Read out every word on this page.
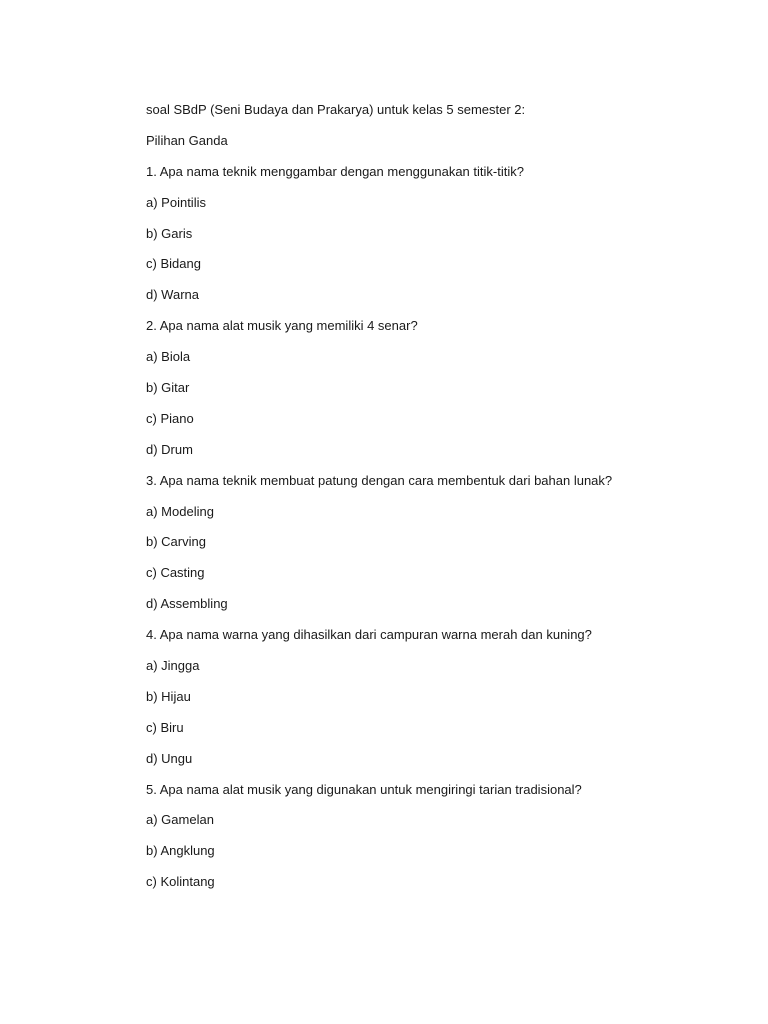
soal SBdP (Seni Budaya dan Prakarya) untuk kelas 5 semester 2:
Pilihan Ganda
1. Apa nama teknik menggambar dengan menggunakan titik-titik?
a) Pointilis
b) Garis
c) Bidang
d) Warna
2. Apa nama alat musik yang memiliki 4 senar?
a) Biola
b) Gitar
c) Piano
d) Drum
3. Apa nama teknik membuat patung dengan cara membentuk dari bahan lunak?
a) Modeling
b) Carving
c) Casting
d) Assembling
4. Apa nama warna yang dihasilkan dari campuran warna merah dan kuning?
a) Jingga
b) Hijau
c) Biru
d) Ungu
5. Apa nama alat musik yang digunakan untuk mengiringi tarian tradisional?
a) Gamelan
b) Angklung
c) Kolintang
